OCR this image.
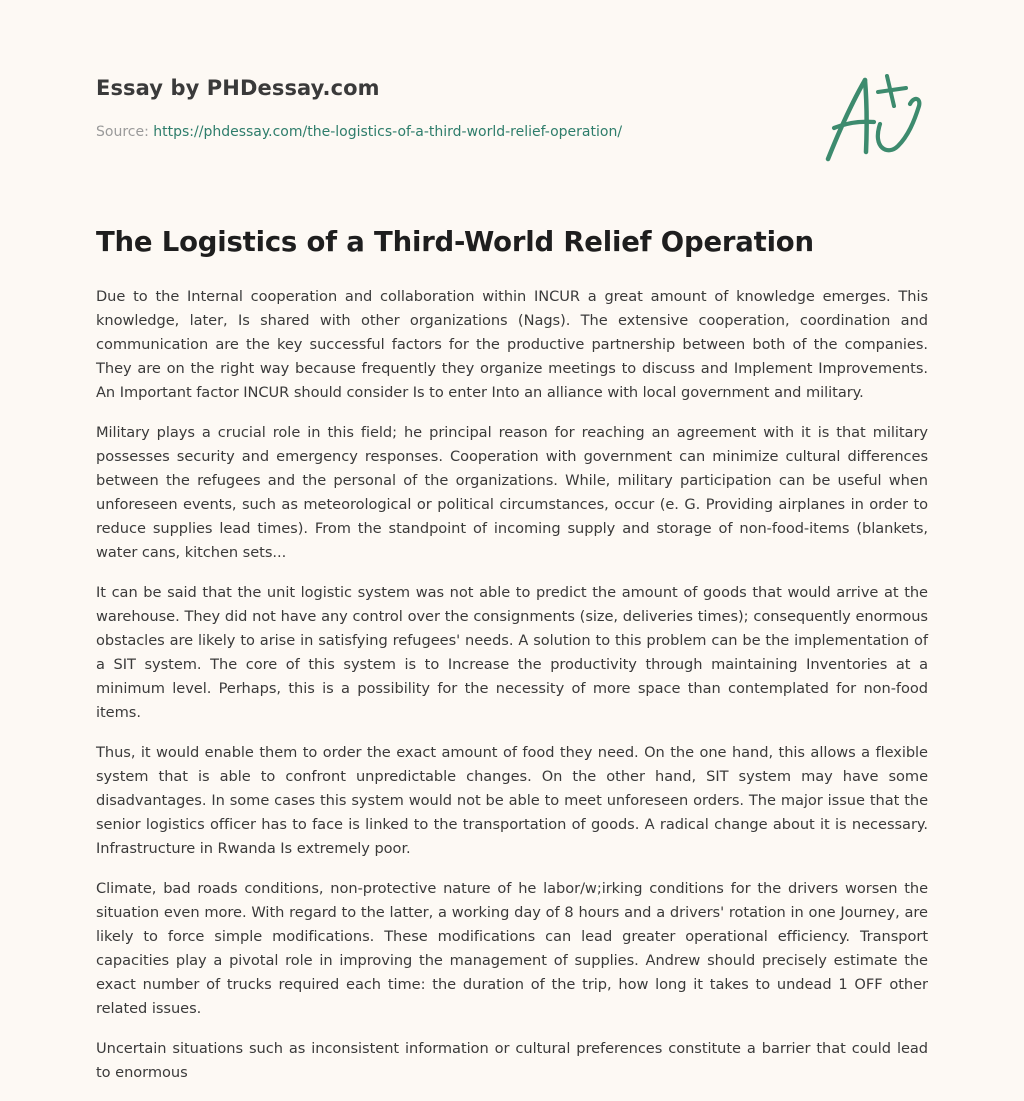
Essay by PHDessay.com
Source: https://phdessay.com/the-logistics-of-a-third-world-relief-operation/
The Logistics of a Third-World Relief Operation

Due to the Internal cooperation and collaboration within INCUR a great amount of knowledge emerges. This knowledge, later, Is shared with other organizations (Nags). The extensive cooperation, coordination and communication are the key successful factors for the productive partnership between both of the companies. They are on the right way because frequently they organize meetings to discuss and Implement Improvements. An Important factor INCUR should consider Is to enter Into an alliance with local government and military.

Military plays a crucial role in this field; he principal reason for reaching an agreement with it is that military possesses security and emergency responses. Cooperation with government can minimize cultural differences between the refugees and the personal of the organizations. While, military participation can be useful when unforeseen events, such as meteorological or political circumstances, occur (e. G. Providing airplanes in order to reduce supplies lead times). From the standpoint of incoming supply and storage of non-food-items (blankets, water cans, kitchen sets...

It can be said that the unit logistic system was not able to predict the amount of goods that would arrive at the warehouse. They did not have any control over the consignments (size, deliveries times); consequently enormous obstacles are likely to arise in satisfying refugees' needs. A solution to this problem can be the implementation of a SIT system. The core of this system is to Increase the productivity through maintaining Inventories at a minimum level. Perhaps, this is a possibility for the necessity of more space than contemplated for non-food items.

Thus, it would enable them to order the exact amount of food they need. On the one hand, this allows a flexible system that is able to confront unpredictable changes. On the other hand, SIT system may have some disadvantages. In some cases this system would not be able to meet unforeseen orders. The major issue that the senior logistics officer has to face is linked to the transportation of goods. A radical change about it is necessary. Infrastructure in Rwanda Is extremely poor.

Climate, bad roads conditions, non-protective nature of he labor/w;irking conditions for the drivers worsen the situation even more. With regard to the latter, a working day of 8 hours and a drivers' rotation in one Journey, are likely to force simple modifications. These modifications can lead greater operational efficiency. Transport capacities play a pivotal role in improving the management of supplies. Andrew should precisely estimate the exact number of trucks required each time: the duration of the trip, how long it takes to undead 1 OFF other related issues.

Uncertain situations such as inconsistent information or cultural preferences constitute a barrier that could lead to enormous
